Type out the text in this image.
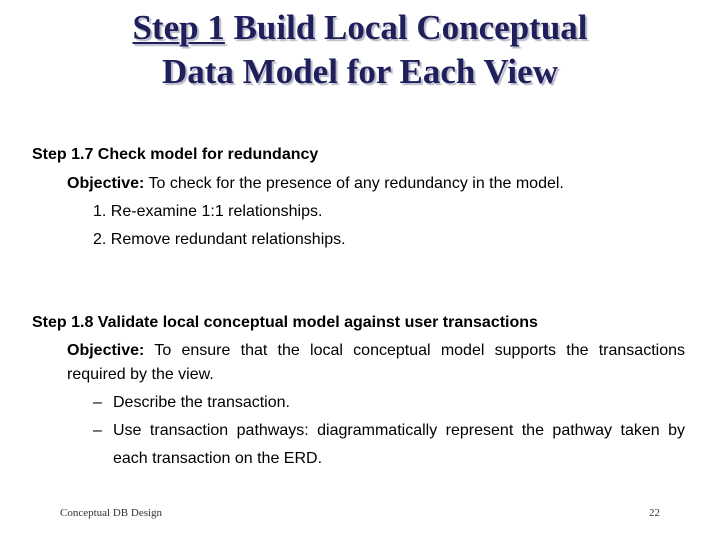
Step 1 Build Local Conceptual
Data Model for Each View
Step 1.7 Check model for redundancy
Objective: To check for the presence of any redundancy in the model.
1. Re-examine 1:1 relationships.
2. Remove redundant relationships.
Step 1.8 Validate local conceptual model against user transactions
Objective: To ensure that the local conceptual model supports the transactions required by the view.
– Describe the transaction.
– Use transaction pathways: diagrammatically represent the pathway taken by each transaction on the ERD.
Conceptual DB Design	22
